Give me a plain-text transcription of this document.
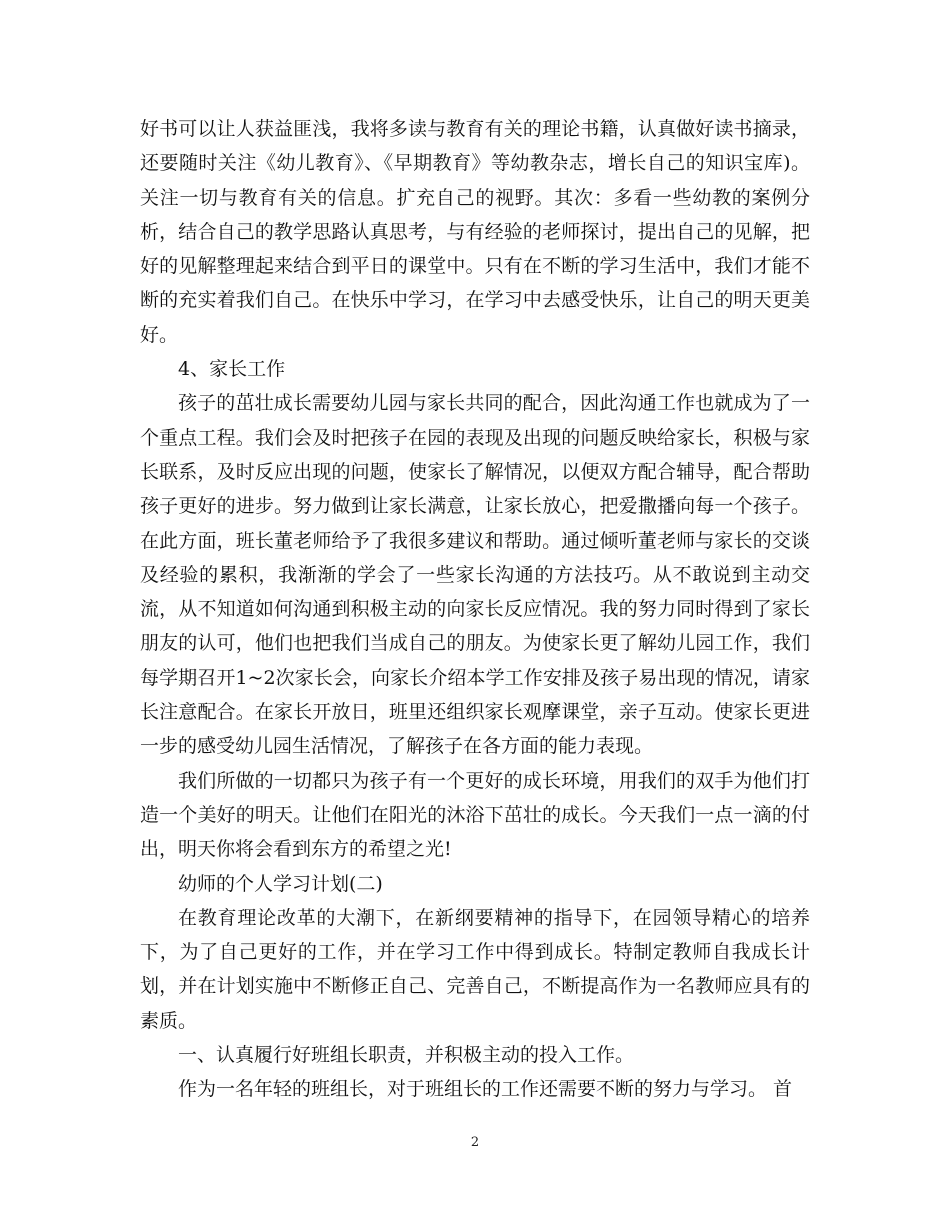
好书可以让人获益匪浅，我将多读与教育有关的理论书籍，认真做好读书摘录，还要随时关注《幼儿教育》、《早期教育》等幼教杂志，增长自己的知识宝库)。关注一切与教育有关的信息。扩充自己的视野。其次：多看一些幼教的案例分析，结合自己的教学思路认真思考，与有经验的老师探讨，提出自己的见解，把好的见解整理起来结合到平日的课堂中。只有在不断的学习生活中，我们才能不断的充实着我们自己。在快乐中学习，在学习中去感受快乐，让自己的明天更美好。

4、家长工作

孩子的茁壮成长需要幼儿园与家长共同的配合，因此沟通工作也就成为了一个重点工程。我们会及时把孩子在园的表现及出现的问题反映给家长，积极与家长联系，及时反应出现的问题，使家长了解情况，以便双方配合辅导，配合帮助孩子更好的进步。努力做到让家长满意，让家长放心，把爱撒播向每一个孩子。在此方面，班长董老师给予了我很多建议和帮助。通过倾听董老师与家长的交谈及经验的累积，我渐渐的学会了一些家长沟通的方法技巧。从不敢说到主动交流，从不知道如何沟通到积极主动的向家长反应情况。我的努力同时得到了家长朋友的认可，他们也把我们当成自己的朋友。为使家长更了解幼儿园工作，我们每学期召开1~2次家长会，向家长介绍本学工作安排及孩子易出现的情况，请家长注意配合。在家长开放日，班里还组织家长观摩课堂，亲子互动。使家长更进一步的感受幼儿园生活情况，了解孩子在各方面的能力表现。

我们所做的一切都只为孩子有一个更好的成长环境，用我们的双手为他们打造一个美好的明天。让他们在阳光的沐浴下茁壮的成长。今天我们一点一滴的付出，明天你将会看到东方的希望之光!

幼师的个人学习计划(二)

在教育理论改革的大潮下，在新纲要精神的指导下，在园领导精心的培养下，为了自己更好的工作，并在学习工作中得到成长。特制定教师自我成长计划，并在计划实施中不断修正自己、完善自己，不断提高作为一名教师应具有的素质。

一、认真履行好班组长职责，并积极主动的投入工作。

作为一名年轻的班组长，对于班组长的工作还需要不断的努力与学习。 首

2
